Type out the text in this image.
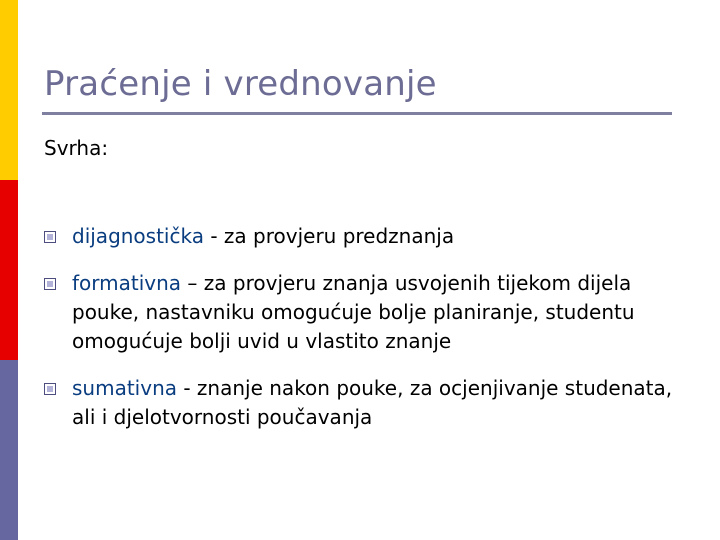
Praćenje i vrednovanje
Svrha:
dijagnostička - za provjeru predznanja
formativna – za provjeru znanja usvojenih tijekom dijela pouke, nastavniku omogućuje bolje planiranje, studentu omogućuje bolji uvid u vlastito znanje
sumativna - znanje nakon pouke, za ocjenjivanje studenata, ali i djelotvornosti poučavanja
